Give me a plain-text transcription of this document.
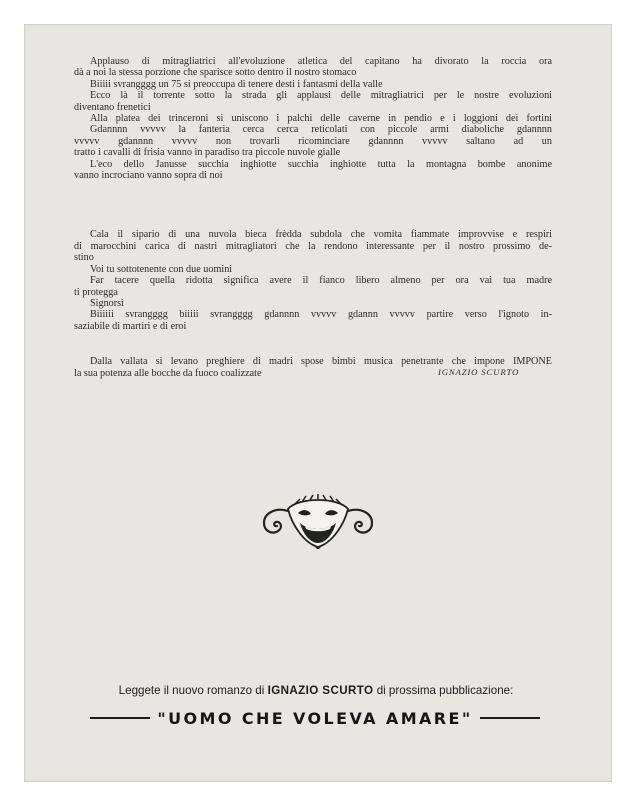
Applauso di mitragliatrici all'evoluzione atletica del capitano ha divorato la roccia ora
dà a noi la stessa porzione che sparisce sotto dentro il nostro stomaco
Biiiii svrangggg un 75 si preoccupa di tenere desti i fantasmi della valle
Ecco là il torrente sotto la strada gli applausi delle mitragliatrici per le nostre evoluzioni
diventano frenetici
Alla platea dei trinceroni si uniscono i palchi delle caverne in pendio e i loggioni dei fortini
Gdannnn vvvvv la fanteria cerca cerca reticolati con piccole armi diaboliche gdannnn
vvvvv gdannnn vvvvv non trovarli ricominciare gdannnn vvvvv saltano ad un
tratto i cavalli di frisia vanno in paradiso tra piccole nuvole gialle
L'eco dello Janusse succhia inghiotte succhia inghiotte tutta la montagna bombe anonime
vanno incrociano vanno sopra di noi
Cala il sipario di una nuvola bieca frèdda subdola che vomita fiammate improvvise e respiri
di marocchini carica di nastri mitragliatori che la rendono interessante per il nostro prossimo de-
stino
Voi tu sottotenente con due uomini
Far tacere quella ridotta significa avere il fianco libero almeno per ora vai tua madre
ti protegga
Signorsì
Biiiiii svrangggg biiiii svrangggg gdannnn vvvvv gdannn vvvvv partire verso l'ignoto in-
saziabile di martiri e di eroi
Dalla vallata si levano preghiere di madri spose bimbi musica penetrante che impone IMPONE
la sua potenza alle bocche da fuoco coalizzate	IGNAZIO SCURTO
Leggete il nuovo romanzo di IGNAZIO SCURTO di prossima pubblicazione:
"UOMO CHE VOLEVA AMARE"
